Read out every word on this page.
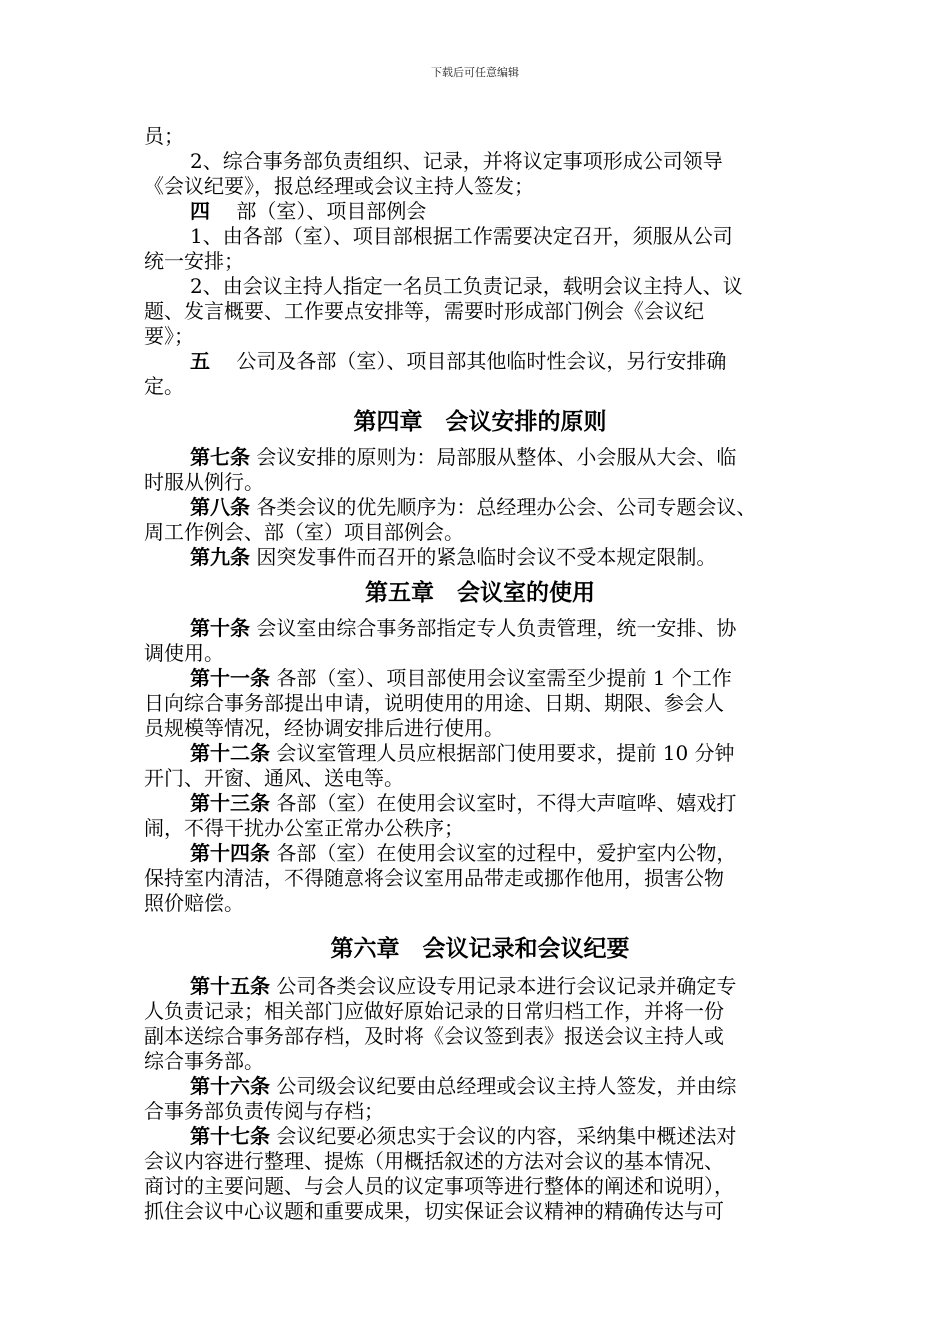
下载后可任意编辑
员；
2、综合事务部负责组织、记录，并将议定事项形成公司领导
《会议纪要》，报总经理或会议主持人签发；
四　 部（室）、项目部例会
1、由各部（室）、项目部根据工作需要决定召开，须服从公司
统一安排；
2、由会议主持人指定一名员工负责记录，载明会议主持人、议
题、发言概要、工作要点安排等，需要时形成部门例会《会议纪
要》；
五　 公司及各部（室）、项目部其他临时性会议，另行安排确
定。
第四章　会议安排的原则
第七条 会议安排的原则为：局部服从整体、小会服从大会、临
时服从例行。
第八条 各类会议的优先顺序为：总经理办公会、公司专题会议、
周工作例会、部（室）项目部例会。
第九条 因突发事件而召开的紧急临时会议不受本规定限制。
第五章　会议室的使用
第十条 会议室由综合事务部指定专人负责管理，统一安排、协
调使用。
第十一条 各部（室）、项目部使用会议室需至少提前 1 个工作
日向综合事务部提出申请，说明使用的用途、日期、期限、参会人
员规模等情况，经协调安排后进行使用。
第十二条 会议室管理人员应根据部门使用要求，提前 10 分钟
开门、开窗、通风、送电等。
第十三条 各部（室）在使用会议室时，不得大声喧哗、嬉戏打
闹，不得干扰办公室正常办公秩序；
第十四条 各部（室）在使用会议室的过程中，爱护室内公物，
保持室内清洁，不得随意将会议室用品带走或挪作他用，损害公物
照价赔偿。
第六章　会议记录和会议纪要
第十五条 公司各类会议应设专用记录本进行会议记录并确定专
人负责记录；相关部门应做好原始记录的日常归档工作，并将一份
副本送综合事务部存档，及时将《会议签到表》报送会议主持人或
综合事务部。
第十六条 公司级会议纪要由总经理或会议主持人签发，并由综
合事务部负责传阅与存档；
第十七条 会议纪要必须忠实于会议的内容，采纳集中概述法对
会议内容进行整理、提炼（用概括叙述的方法对会议的基本情况、
商讨的主要问题、与会人员的议定事项等进行整体的阐述和说明），
抓住会议中心议题和重要成果，切实保证会议精神的精确传达与可
